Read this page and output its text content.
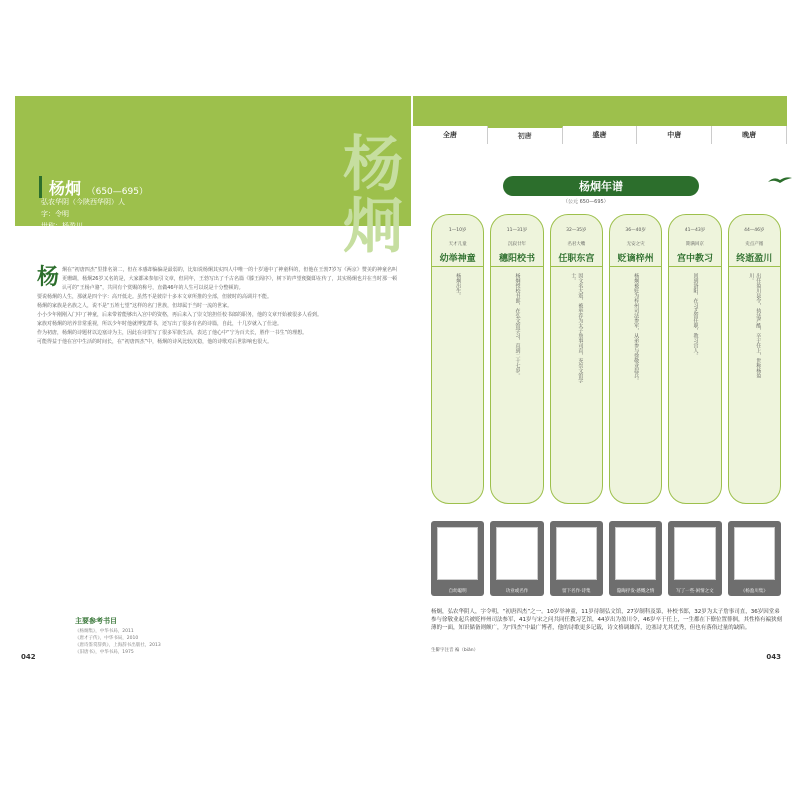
杨炯
杨炯 （650—695）
弘农华阴（今陕西华阴）人
字：令明
世称：杨盈川
“初唐四杰”之一
杨 炯在“初唐四杰”里排名第二，但在本感却偏偏是最弱的，比如说杨炯其实四人中唯一的十岁通中了神童科的，但他在王勃7岁写《两京》赞美的神童名叫更珊瑚，杨炯26岁又名的是，大家都来参加引文章，但同年，王勃写出了千古名篇《滕王阁序》，树下的声望便随即在传了，其实杨炯也并在当时那一顿认可的“王杨卢骆”，共同有个赏赐的称号，直做46年的人生可以说是十分整顿的。

要说杨炯的人生，那就是四个字：高开低走。虽然不是彼岸十多本文章所推的全部，但彼时的高调并不能。

杨炯的家族是名族之人，说不是“五姓七望”这样的名门世族，但却属于当时一流的世家。

小小少年刚刚入门中了神童，后来带着能够出入宫中的资格，再后来入了崇文馆担任校书郎的职务，他的文章开始被很多人看到。

家族对杨炯的培养非常重视，所以少年时他就博览群书，还写出了很多有名的诗篇，自此，十几岁就入了仕途。

作为初唐，杨炯的诗题材以边塞诗为主，因此在诗里写了很多军旅生活，表达了他心中“宁为百夫长，胜作一书生”的理想。

可能得益于他在宫中生活的时间长，在“初唐四杰”中，杨炯的诗风比较沉稳，他的诗歌对后世影响也很大。

主要参考书目
《杨炯集》，中华书局，2011
《唐才子传》，中华书局，2010
《唐诗鉴赏辞典》，上海辞书出版社，2013
《旧唐书》，中华书局，1975
042
全唐	初唐	盛唐	中唐	晚唐
杨炯年谱
（公元 650—695）
1—10岁
天才儿童
幼举神童
杨炯出生。
11—31岁
沉寂廿年
穗阳校书
杨炯授校书郎，在弘文馆学习，直到二十七岁。
32—35岁
名君大嘴
任职东宫
因文名大震，被举荐为太子詹事司直，充崇文馆学士。
36—40岁
无安之灾
贬谪梓州
杨炯被贬为梓州司法参军，从弟参与徐敬业起兵。
41—43岁
期满回京
宫中教习
回到洛阳，在习艺馆任职，教习宫人。
44—46岁
史点产循
终逝盈川
出任盈川县令，执法严酷，卒于任上，世称杨盈川。
自幼聪明	功业或名作	留下名作·诗集	隐晦抒发·感慨之情	写了一些·闲情之文	《杨盈川集》
杨炯，弘农华阴人，字令明，“初唐四杰”之一。10岁举神童，11岁待制弘文馆，27岁制科及第，补校书郎，32岁为太子詹事司直，36岁因堂弟参与徐敬业起兵被贬梓州司法参军，41岁与宋之问共同任教习艺馆，44岁出为盈川令，46岁卒于任上，一生都在下僚位置徘徊，其性格有褊狭刻薄的一面，知识储备则颇广，为“四杰”中最广博者，他的诗歌更多记载，诗文格调雄浑，边塞诗尤其优秀，但也有落俗过量的缺陷。
生僻字注音 褊（biǎn）
043
